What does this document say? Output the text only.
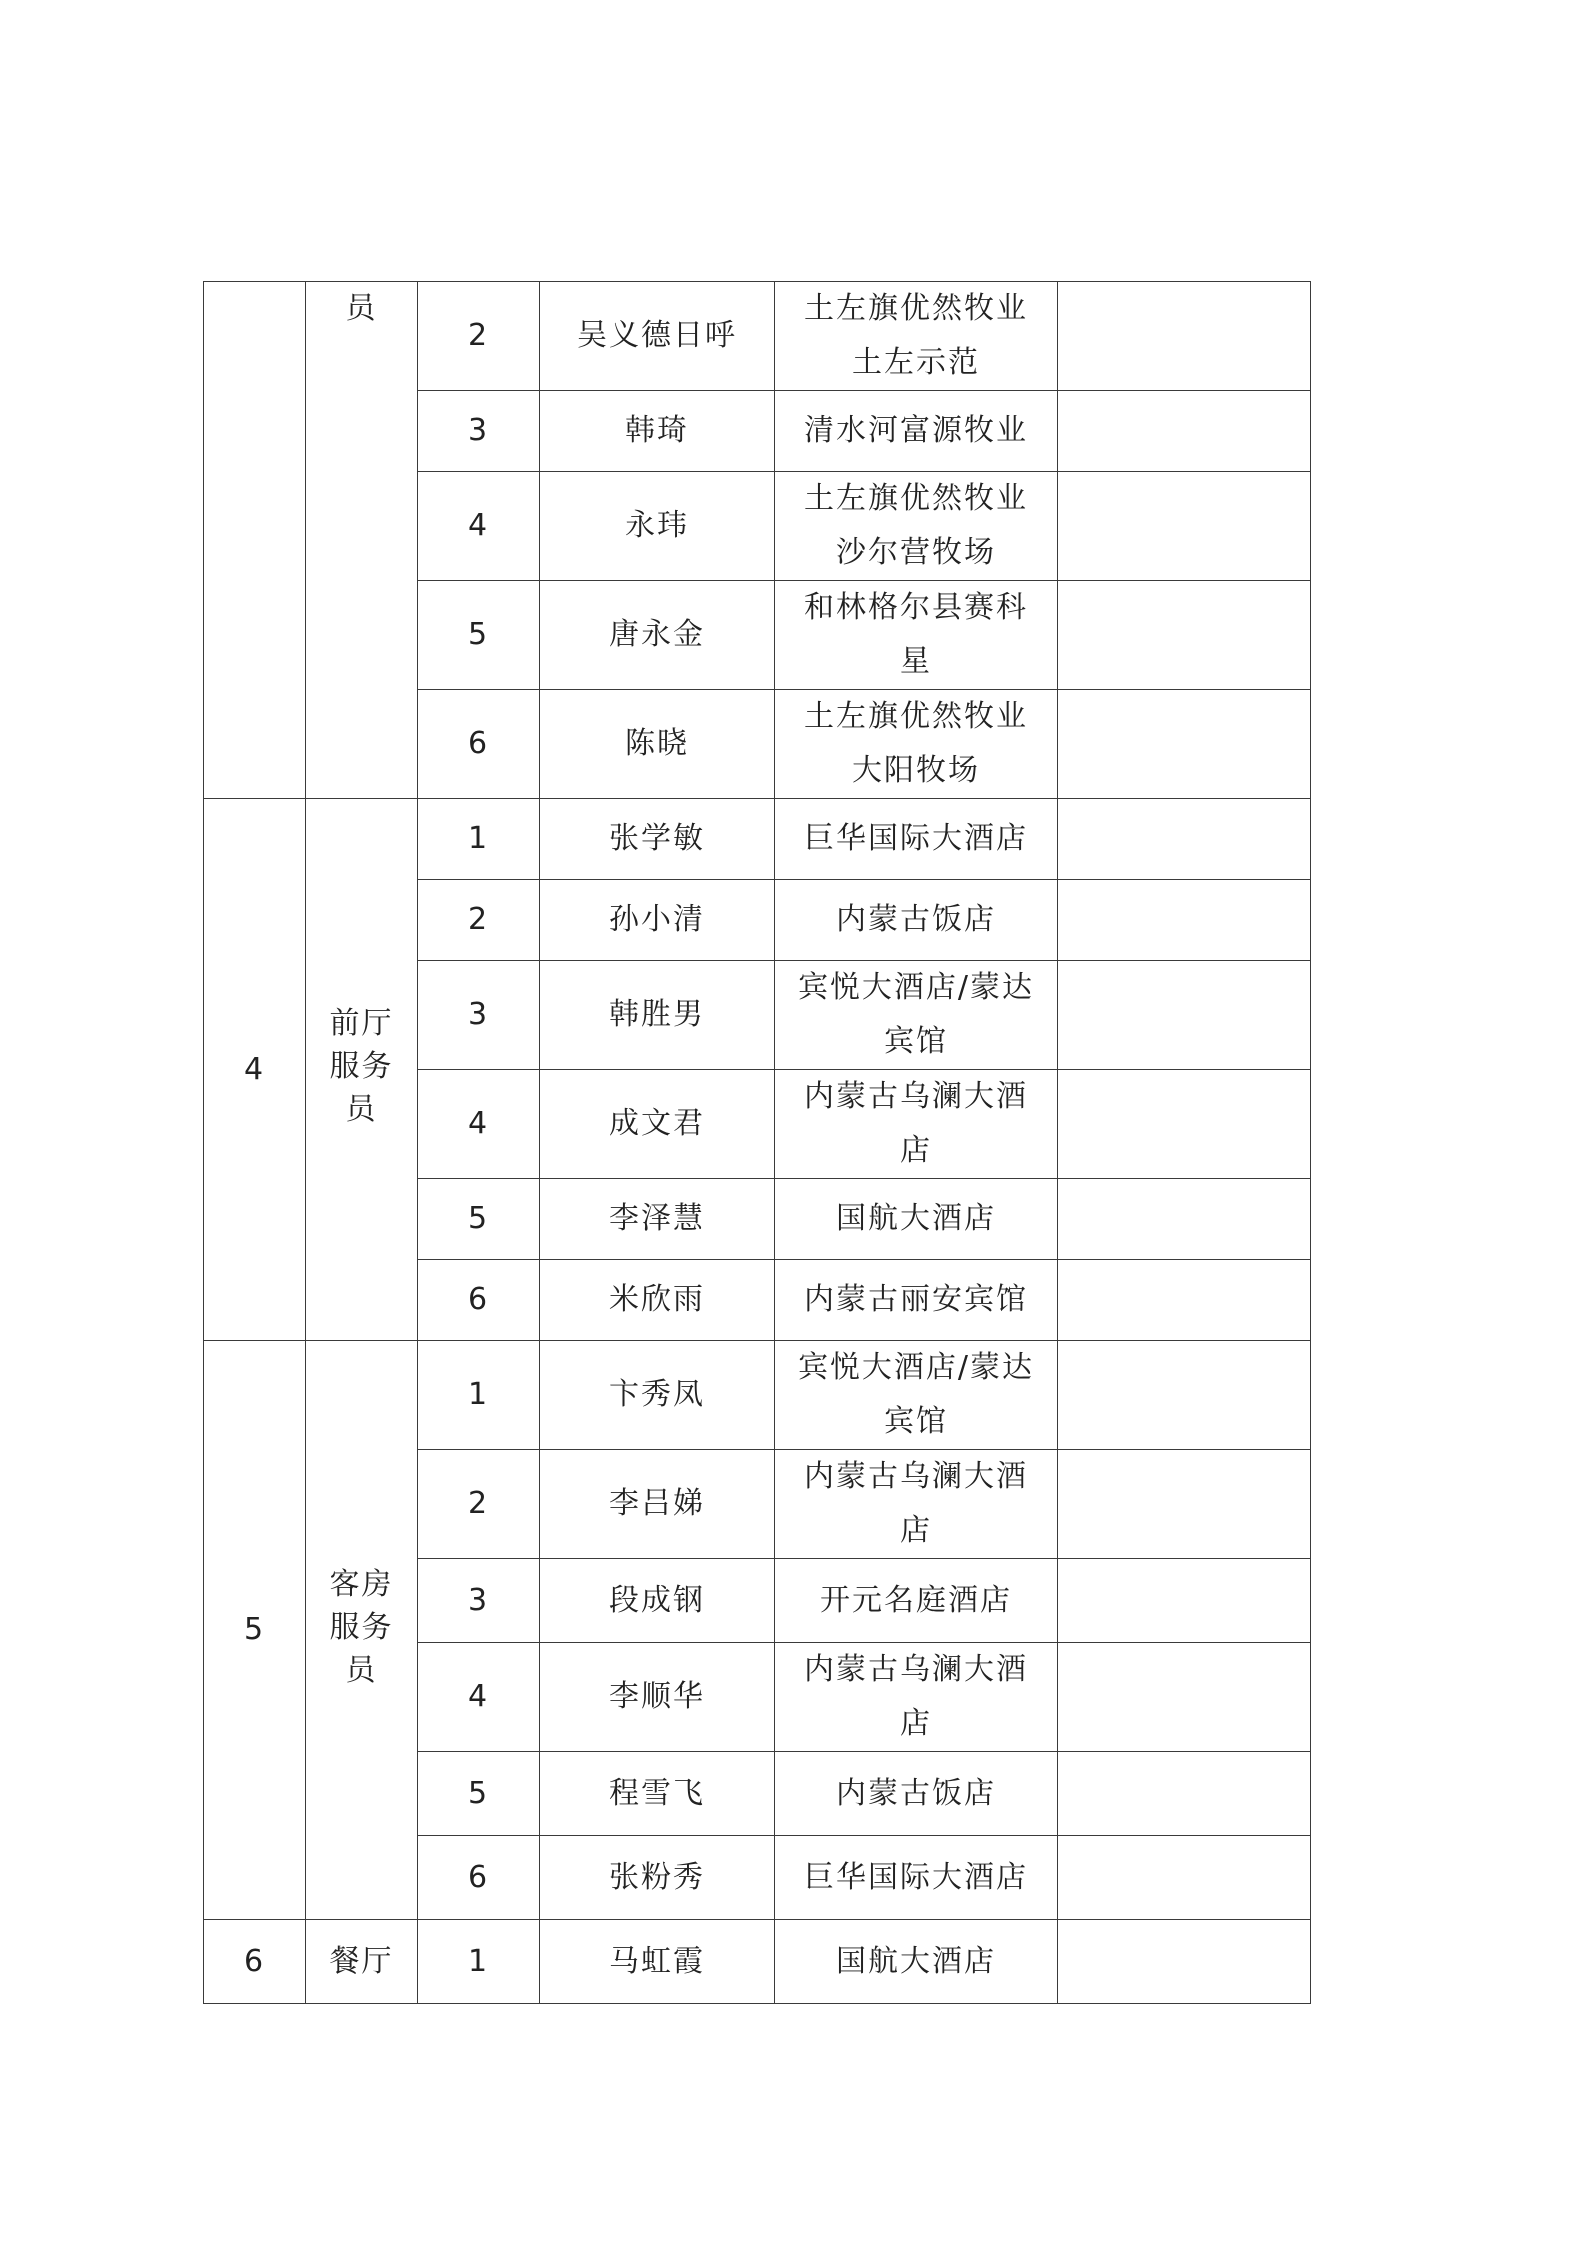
	员	2	吴义德日呼	土左旗优然牧业土左示范	
		3	韩琦	清水河富源牧业	
		4	永玮	土左旗优然牧业沙尔营牧场	
		5	唐永金	和林格尔县赛科星	
		6	陈晓	土左旗优然牧业大阳牧场	
4	前厅服务员	1	张学敏	巨华国际大酒店	
		2	孙小清	内蒙古饭店	
		3	韩胜男	宾悦大酒店/蒙达宾馆	
		4	成文君	内蒙古乌澜大酒店	
		5	李泽慧	国航大酒店	
		6	米欣雨	内蒙古丽安宾馆	
5	客房服务员	1	卞秀凤	宾悦大酒店/蒙达宾馆	
		2	李吕娣	内蒙古乌澜大酒店	
		3	段成钢	开元名庭酒店	
		4	李顺华	内蒙古乌澜大酒店	
		5	程雪飞	内蒙古饭店	
		6	张粉秀	巨华国际大酒店	
6	餐厅	1	马虹霞	国航大酒店	
